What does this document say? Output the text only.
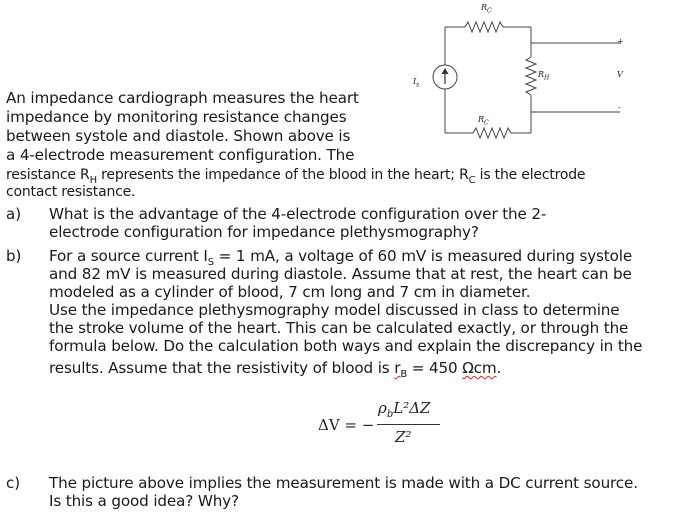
$R_C$
$R_H$
$R_C$
$I_s$
+
V
-
An impedance cardiograph measures the heart
impedance by monitoring resistance changes
between systole and diastole. Shown above is
a 4-electrode measurement configuration. The
resistance $R_H$ represents the impedance of the blood in the heart; $R_C$ is the electrode
contact resistance.
a) What is the advantage of the 4-electrode configuration over the 2-
electrode configuration for impedance plethysmography?
b) For a source current $I_S = 1$ mA, a voltage of 60 mV is measured during systole
and 82 mV is measured during diastole. Assume that at rest, the heart can be
modeled as a cylinder of blood, 7 cm long and 7 cm in diameter.
Use the impedance plethysmography model discussed in class to determine
the stroke volume of the heart. This can be calculated exactly, or through the
formula below. Do the calculation both ways and explain the discrepancy in the
results. Assume that the resistivity of blood is $r_B = 450$ Ωcm.
ΔV = −
$\rho_bL^2\Delta Z$
Z²
c) The picture above implies the measurement is made with a DC current source.
Is this a good idea? Why?
